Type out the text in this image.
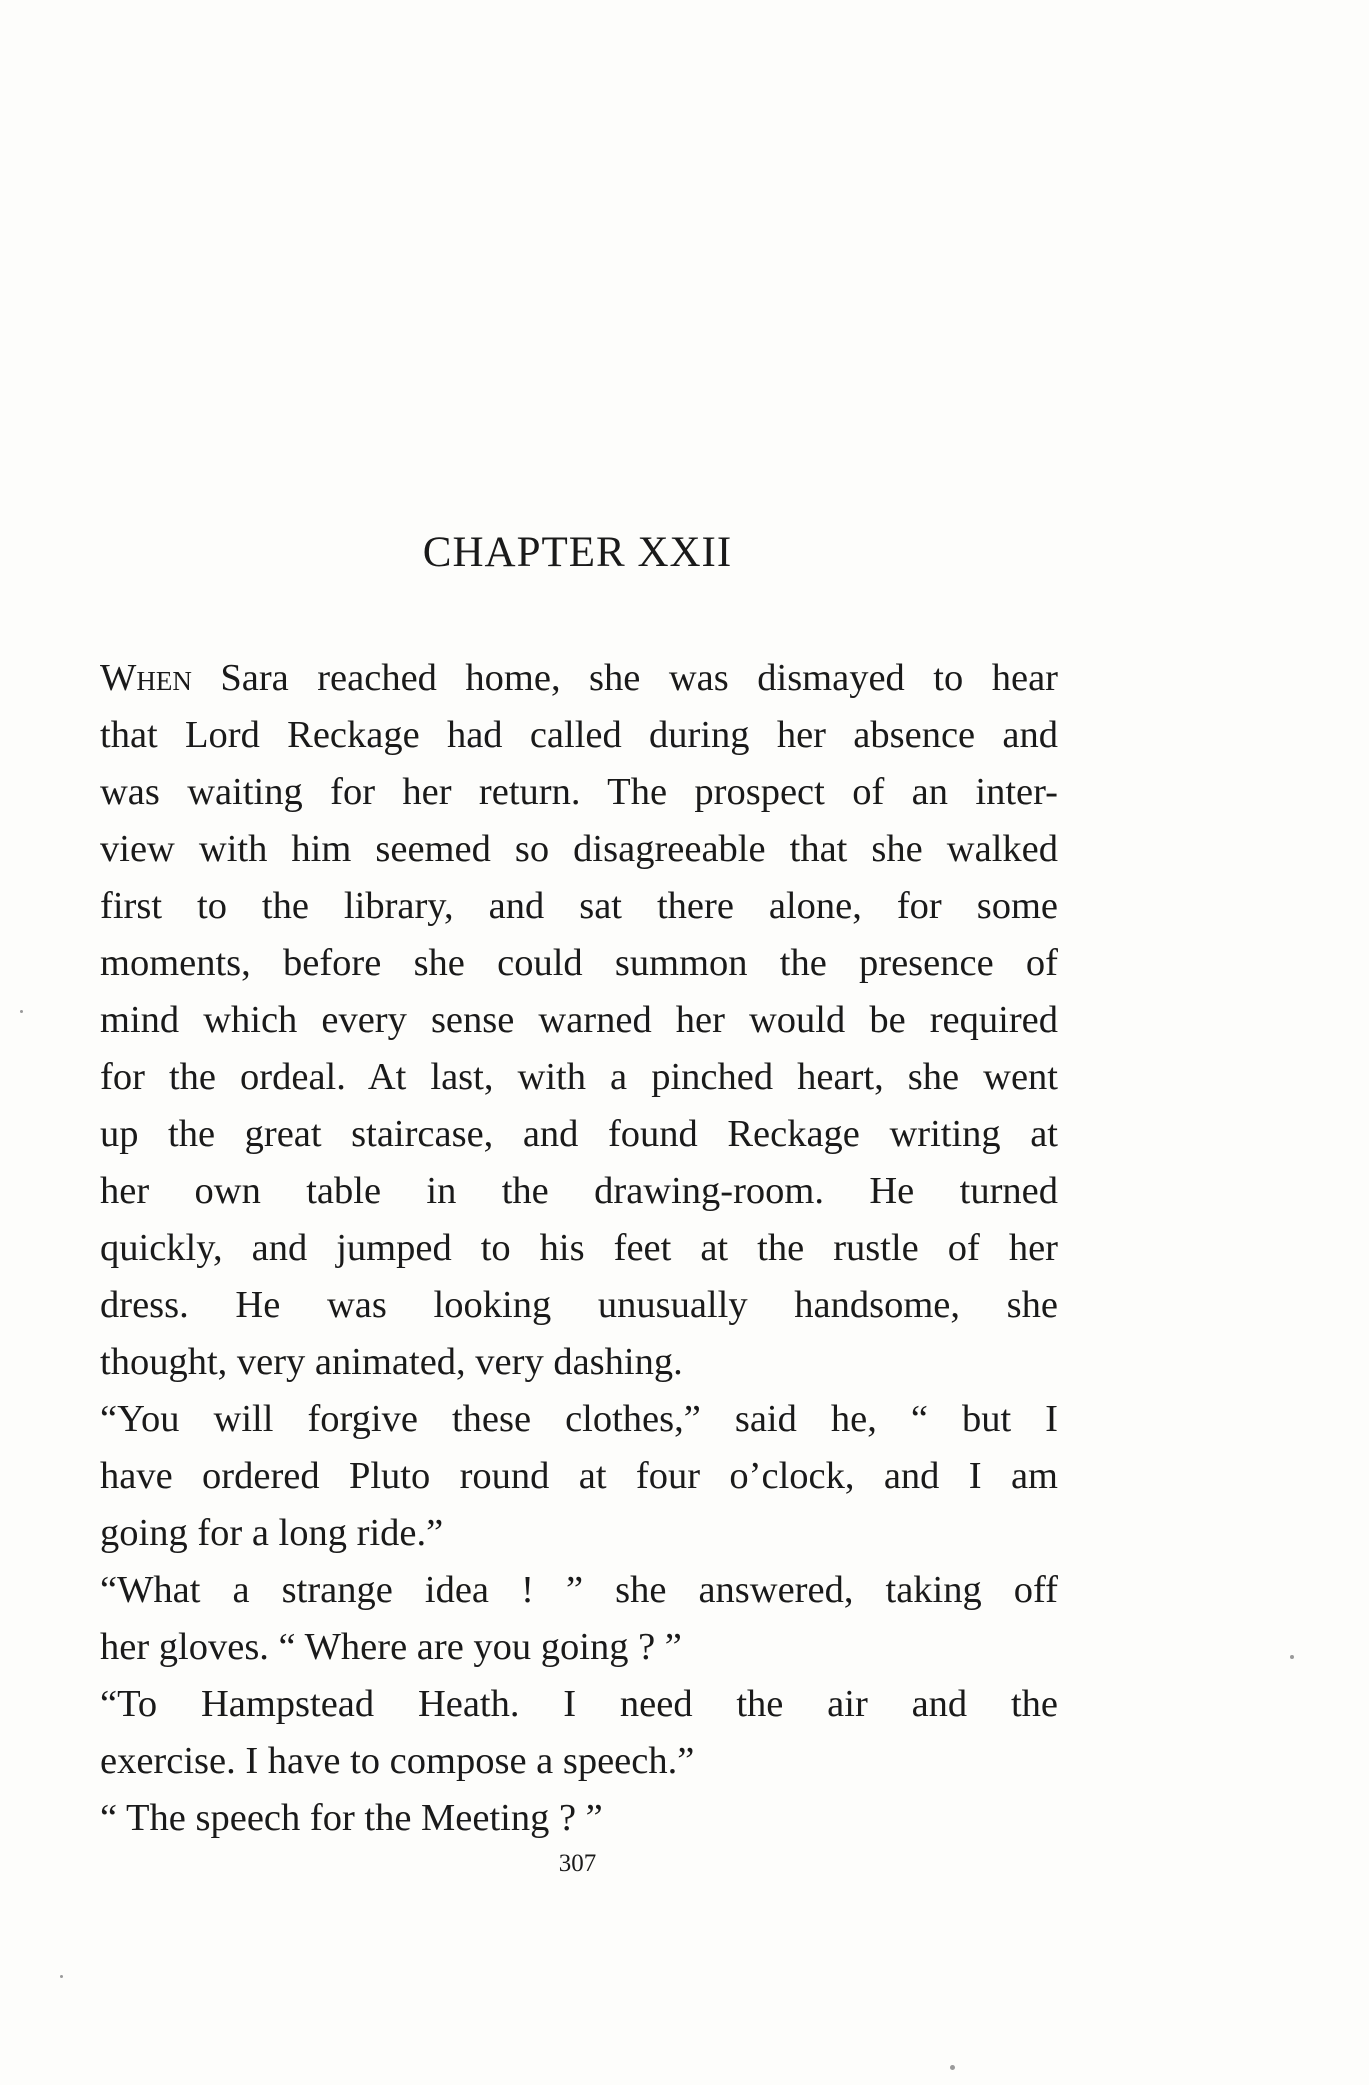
CHAPTER XXII
When Sara reached home, she was dismayed to hear
that Lord Reckage had called during her absence and
was waiting for her return. The prospect of an inter-
view with him seemed so disagreeable that she walked
first to the library, and sat there alone, for some
moments, before she could summon the presence of
mind which every sense warned her would be required
for the ordeal. At last, with a pinched heart, she went
up the great staircase, and found Reckage writing at
her own table in the drawing-room. He turned
quickly, and jumped to his feet at the rustle of her
dress. He was looking unusually handsome, she
thought, very animated, very dashing.
“You will forgive these clothes,” said he, “ but I
have ordered Pluto round at four o’clock, and I am
going for a long ride.”
“What a strange idea ! ” she answered, taking off
her gloves. “ Where are you going ? ”
“To Hampstead Heath. I need the air and the
exercise. I have to compose a speech.”
“ The speech for the Meeting ? ”
307
